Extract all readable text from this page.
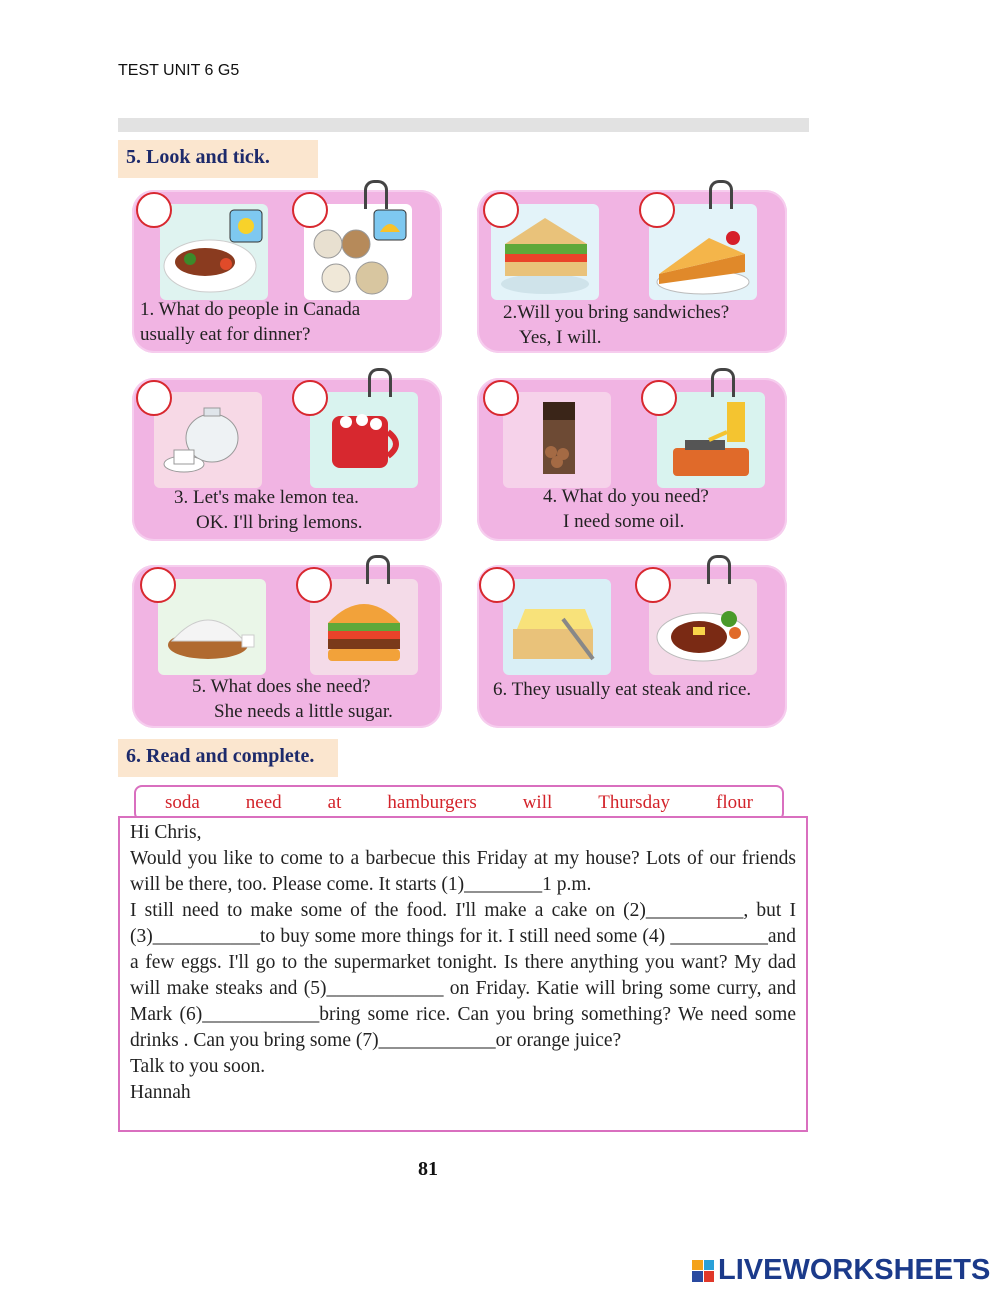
TEST UNIT 6 G5
5. Look and tick.
1. What do people in Canada
usually eat for dinner?
2.Will you bring sandwiches?
Yes, I will.
3. Let's make lemon tea.
OK. I'll bring lemons.
4. What do you need?
I need some oil.
5. What does she need?
She needs a little sugar.
6. They usually eat steak and rice.
6. Read and complete.
soda need at hamburgers will Thursday flour

Hi Chris,

Would you like to come to a barbecue this Friday at my house? Lots of our friends will be there, too. Please come. It starts (1)________1 p.m.

I still need to make some of the food. I'll make a cake on (2)__________, but I (3)___________to buy some more things for it. I still need some (4) __________and a few eggs. I'll go to the supermarket tonight. Is there anything you want? My dad will make steaks and (5)____________ on Friday. Katie will bring some curry, and Mark (6)____________bring some rice. Can you bring something? We need some drinks . Can you bring some (7)____________or orange juice?

Talk to you soon.

Hannah

81
LIVEWORKSHEETS
